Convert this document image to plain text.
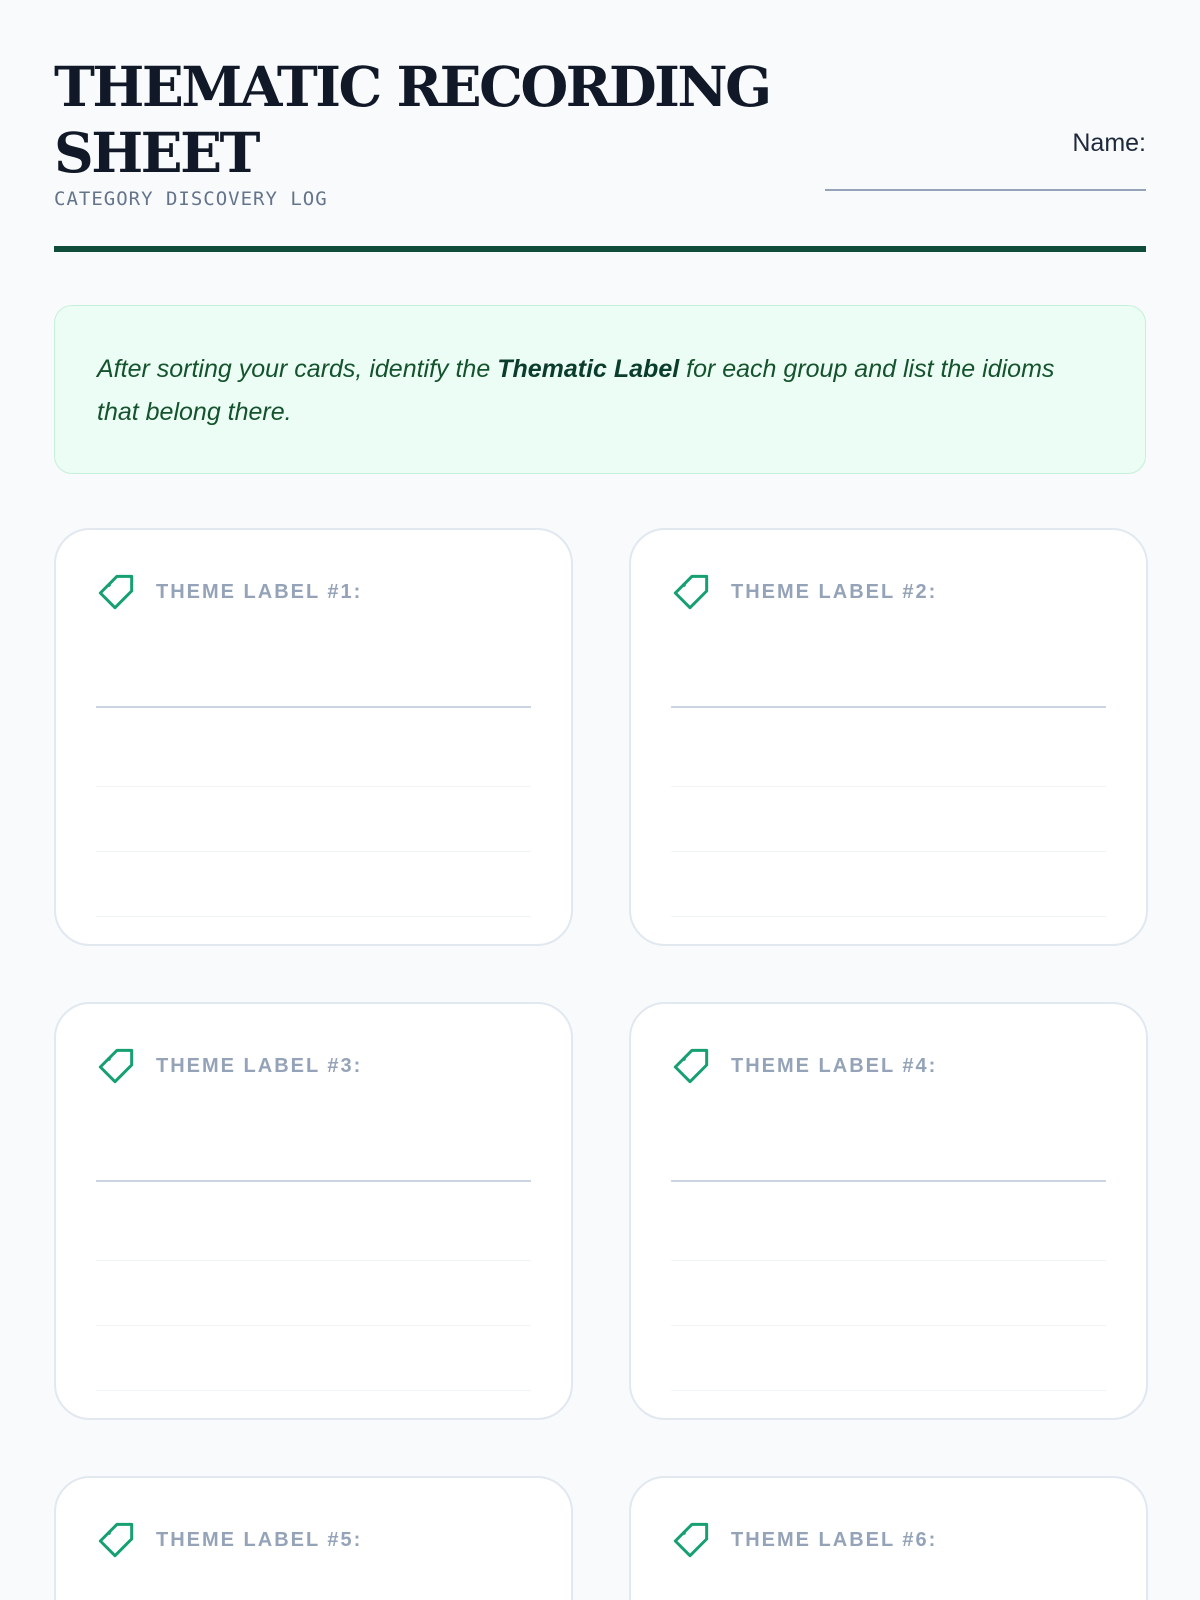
THEMATIC RECORDING SHEET
CATEGORY DISCOVERY LOG
Name:
After sorting your cards, identify the Thematic Label for each group and list the idioms that belong there.
THEME LABEL #1:	THEME LABEL #2:
THEME LABEL #3:	THEME LABEL #4:
THEME LABEL #5:	THEME LABEL #6:
